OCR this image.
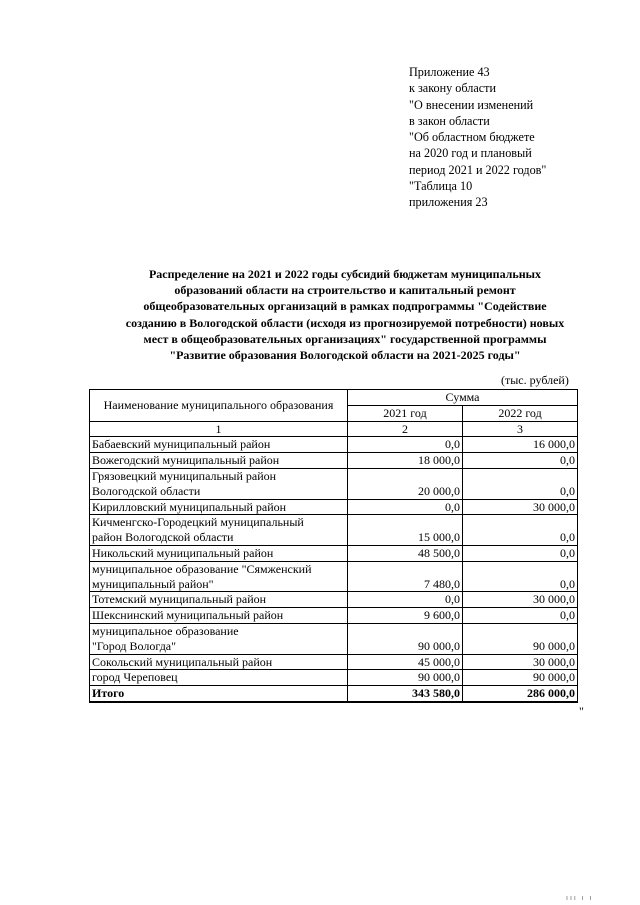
Приложение 43
к закону области
"О внесении изменений
в закон области
"Об областном бюджете
на 2020 год и плановый
период 2021 и 2022 годов"
"Таблица 10
приложения 23
Распределение на 2021 и 2022 годы субсидий бюджетам муниципальных
образований области на строительство и капитальный ремонт
общеобразовательных организаций в рамках подпрограммы "Содействие
созданию в Вологодской области (исходя из прогнозируемой потребности) новых
мест в общеобразовательных организациях" государственной программы
"Развитие образования Вологодской области на 2021-2025 годы"
(тыс. рублей)
Наименование муниципального образования	Сумма	
	2021 год	2022 год
1	2	3

Бабаевский муниципальный район	0,0	16 000,0

Вожегодский муниципальный район	18 000,0	0,0

Грязовецкий муниципальный район
Вологодской области	20 000,0	0,0

Кирилловский муниципальный район	0,0	30 000,0

Кичменгско-Городецкий муниципальный
район Вологодской области	15 000,0	0,0

Никольский муниципальный район	48 500,0	0,0

муниципальное образование "Сямженский
муниципальный район"	7 480,0	0,0

Тотемский муниципальный район	0,0	30 000,0

Шекснинский муниципальный район	9 600,0	0,0

муниципальное образование
"Город Вологда"	90 000,0	90 000,0

Сокольский муниципальный район	45 000,0	30 000,0

город Череповец	90 000,0	90 000,0
Итого	343 580,0	286 000,0
"
ııı ı ı
